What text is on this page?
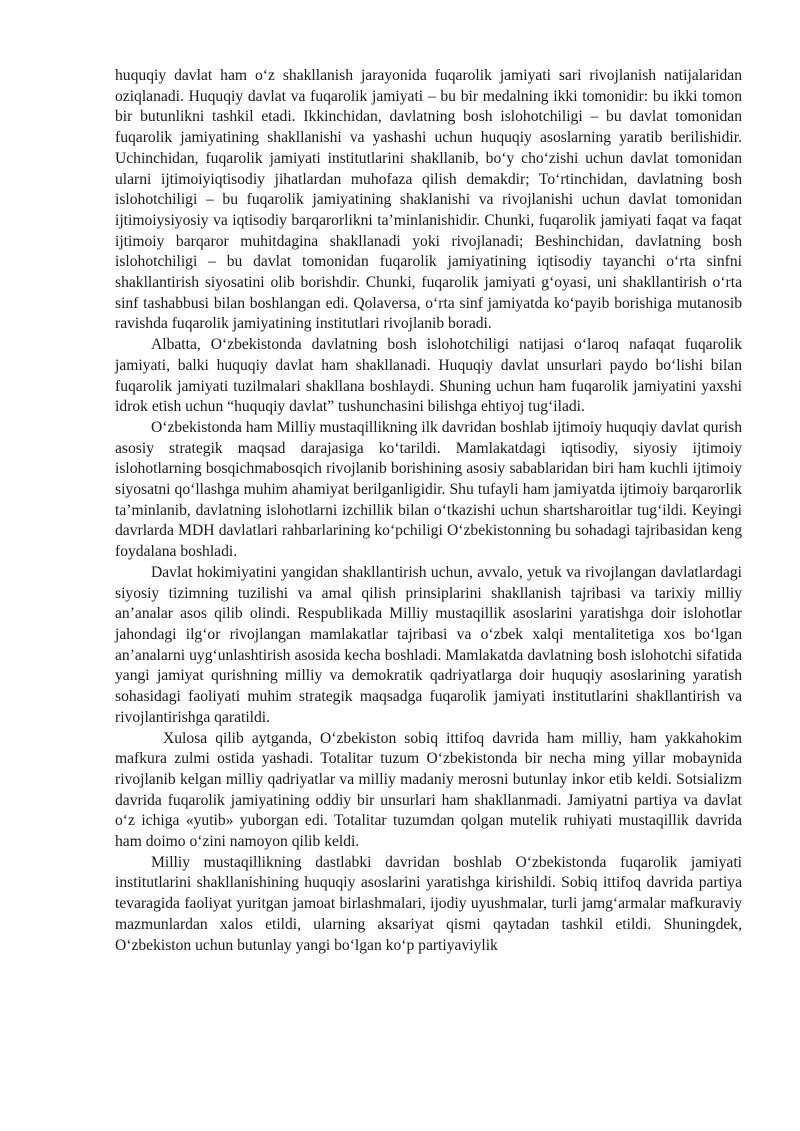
huquqiy davlat ham o‘z shakllanish jarayonida fuqarolik jamiyati sari rivojlanish natijalaridan oziqlanadi. Huquqiy davlat va fuqarolik jamiyati – bu bir medalning ikki tomonidir: bu ikki tomon bir butunlikni tashkil etadi. Ikkinchidan, davlatning bosh islohotchiligi – bu davlat tomonidan fuqarolik jamiyatining shakllanishi va yashashi uchun huquqiy asoslarning yaratib berilishidir. Uchinchidan, fuqarolik jamiyati institutlarini shakllanib, bo‘y cho‘zishi uchun davlat tomonidan ularni ijtimoiyiqtisodiy jihatlardan muhofaza qilish demakdir; To‘rtinchidan, davlatning bosh islohotchiligi – bu fuqarolik jamiyatining shaklanishi va rivojlanishi uchun davlat tomonidan ijtimoiysiyosiy va iqtisodiy barqarorlikni ta’minlanishidir. Chunki, fuqarolik jamiyati faqat va faqat ijtimoiy barqaror muhitdagina shakllanadi yoki rivojlanadi; Beshinchidan, davlatning bosh islohotchiligi – bu davlat tomonidan fuqarolik jamiyatining iqtisodiy tayanchi o‘rta sinfni shakllantirish siyosatini olib borishdir. Chunki, fuqarolik jamiyati g‘oyasi, uni shakllantirish o‘rta sinf tashabbusi bilan boshlangan edi. Qolaversa, o‘rta sinf jamiyatda ko‘payib borishiga mutanosib ravishda fuqarolik jamiyatining institutlari rivojlanib boradi.

Albatta, O‘zbekistonda davlatning bosh islohotchiligi natijasi o‘laroq nafaqat fuqarolik jamiyati, balki huquqiy davlat ham shakllanadi. Huquqiy davlat unsurlari paydo bo‘lishi bilan fuqarolik jamiyati tuzilmalari shakllana boshlaydi. Shuning uchun ham fuqarolik jamiyatini yaxshi idrok etish uchun “huquqiy davlat” tushunchasini bilishga ehtiyoj tug‘iladi.

O‘zbekistonda ham Milliy mustaqillikning ilk davridan boshlab ijtimoiy huquqiy davlat qurish asosiy strategik maqsad darajasiga ko‘tarildi. Mamlakatdagi iqtisodiy, siyosiy ijtimoiy islohotlarning bosqichmabosqich rivojlanib borishining asosiy sabablaridan biri ham kuchli ijtimoiy siyosatni qo‘llashga muhim ahamiyat berilganligidir. Shu tufayli ham jamiyatda ijtimoiy barqarorlik ta’minlanib, davlatning islohotlarni izchillik bilan o‘tkazishi uchun shartsharoitlar tug‘ildi. Keyingi davrlarda MDH davlatlari rahbarlarining ko‘pchiligi O‘zbekistonning bu sohadagi tajribasidan keng foydalana boshladi.

Davlat hokimiyatini yangidan shakllantirish uchun, avvalo, yetuk va rivojlangan davlatlardagi siyosiy tizimning tuzilishi va amal qilish prinsiplarini shakllanish tajribasi va tarixiy milliy an’analar asos qilib olindi. Respublikada Milliy mustaqillik asoslarini yaratishga doir islohotlar jahondagi ilg‘or rivojlangan mamlakatlar tajribasi va o‘zbek xalqi mentalitetiga xos bo‘lgan an’analarni uyg‘unlashtirish asosida kecha boshladi. Mamlakatda davlatning bosh islohotchi sifatida yangi jamiyat qurishning milliy va demokratik qadriyatlarga doir huquqiy asoslarining yaratish sohasidagi faoliyati muhim strategik maqsadga fuqarolik jamiyati institutlarini shakllantirish va rivojlantirishga qaratildi.

Xulosa qilib aytganda, O‘zbekiston sobiq ittifoq davrida ham milliy, ham yakkahokim mafkura zulmi ostida yashadi. Totalitar tuzum O‘zbekistonda bir necha ming yillar mobaynida rivojlanib kelgan milliy qadriyatlar va milliy madaniy merosni butunlay inkor etib keldi. Sotsializm davrida fuqarolik jamiyatining oddiy bir unsurlari ham shakllanmadi. Jamiyatni partiya va davlat o‘z ichiga «yutib» yuborgan edi. Totalitar tuzumdan qolgan mutelik ruhiyati mustaqillik davrida ham doimo o‘zini namoyon qilib keldi.

Milliy mustaqillikning dastlabki davridan boshlab O‘zbekistonda fuqarolik jamiyati institutlarini shakllanishining huquqiy asoslarini yaratishga kirishildi. Sobiq ittifoq davrida partiya tevaragida faoliyat yuritgan jamoat birlashmalari, ijodiy uyushmalar, turli jamg‘armalar mafkuraviy mazmunlardan xalos etildi, ularning aksariyat qismi qaytadan tashkil etildi. Shuningdek, O‘zbekiston uchun butunlay yangi bo‘lgan ko‘p partiyaviylik
